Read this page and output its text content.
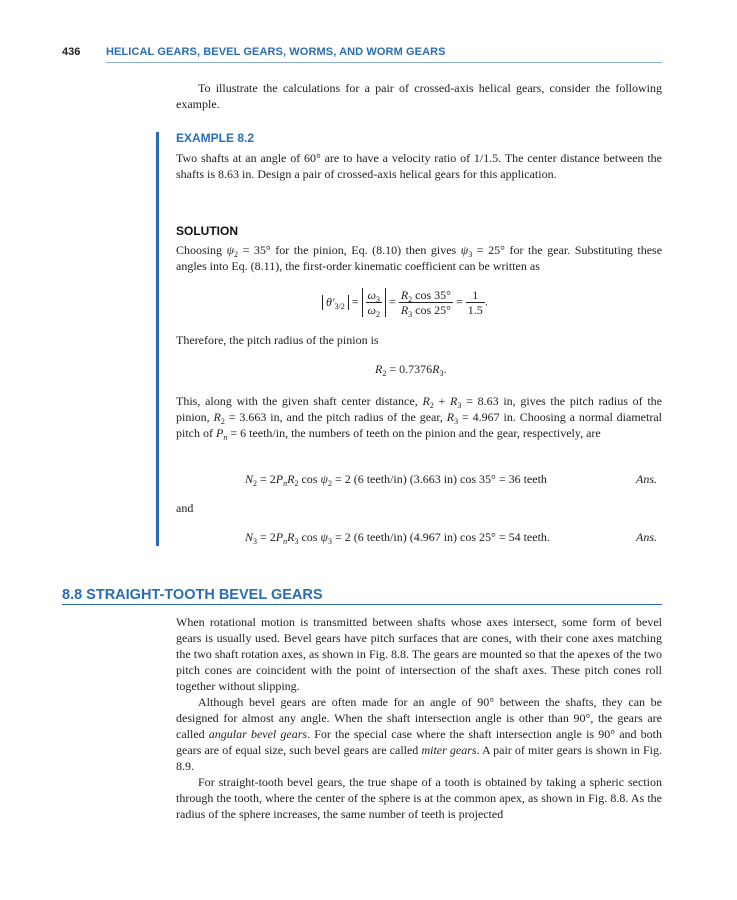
436 HELICAL GEARS, BEVEL GEARS, WORMS, AND WORM GEARS

To illustrate the calculations for a pair of crossed-axis helical gears, consider the following example.

EXAMPLE 8.2

Two shafts at an angle of 60° are to have a velocity ratio of 1/1.5. The center distance between the shafts is 8.63 in. Design a pair of crossed-axis helical gears for this application.

SOLUTION

Choosing $\psi_2 = 35^\circ$ for the pinion, Eq. (8.10) then gives $\psi_3 = 25^\circ$ for the gear. Substituting these angles into Eq. (8.11), the first-order kinematic coefficient can be written as

$\theta'_{3/2} = \frac{\omega_3}{\omega_2} = \frac{R_2 \cos 35^\circ}{R_3 \cos 25^\circ} = \frac{1}{1.5}$ .

Therefore, the pitch radius of the pinion is

$R_2 = 0.7376R_3$.

This, along with the given shaft center distance, $R_2 + R_3 = 8.63$ in, gives the pitch radius of the pinion, $R_2 = 3.663$ in, and the pitch radius of the gear, $R_3 = 4.967$ in. Choosing a normal diametral pitch of $P_n = 6$ teeth/in, the numbers of teeth on the pinion and the gear, respectively, are

$N_2 = 2P_nR_2$ $\cos \psi_2 = 2$ (6 teeth/in) (3.663 in) cos 35° = 36 teeth	Ans.

and

$N_3 = 2P_nR_3$ $\cos \psi_3 = 2$ (6 teeth/in) (4.967 in) cos 25° = 54 teeth.	Ans.
8.8 STRAIGHT-TOOTH BEVEL GEARS

When rotational motion is transmitted between shafts whose axes intersect, some form of bevel gears is usually used. Bevel gears have pitch surfaces that are cones, with their cone axes matching the two shaft rotation axes, as shown in Fig. 8.8. The gears are mounted so that the apexes of the two pitch cones are coincident with the point of intersection of the shaft axes. These pitch cones roll together without slipping.

Although bevel gears are often made for an angle of 90° between the shafts, they can be designed for almost any angle. When the shaft intersection angle is other than 90°, the gears are called angular bevel gears. For the special case where the shaft intersection angle is 90° and both gears are of equal size, such bevel gears are called miter gears. A pair of miter gears is shown in Fig. 8.9.

For straight-tooth bevel gears, the true shape of a tooth is obtained by taking a spheric section through the tooth, where the center of the sphere is at the common apex, as shown in Fig. 8.8. As the radius of the sphere increases, the same number of teeth is projected
